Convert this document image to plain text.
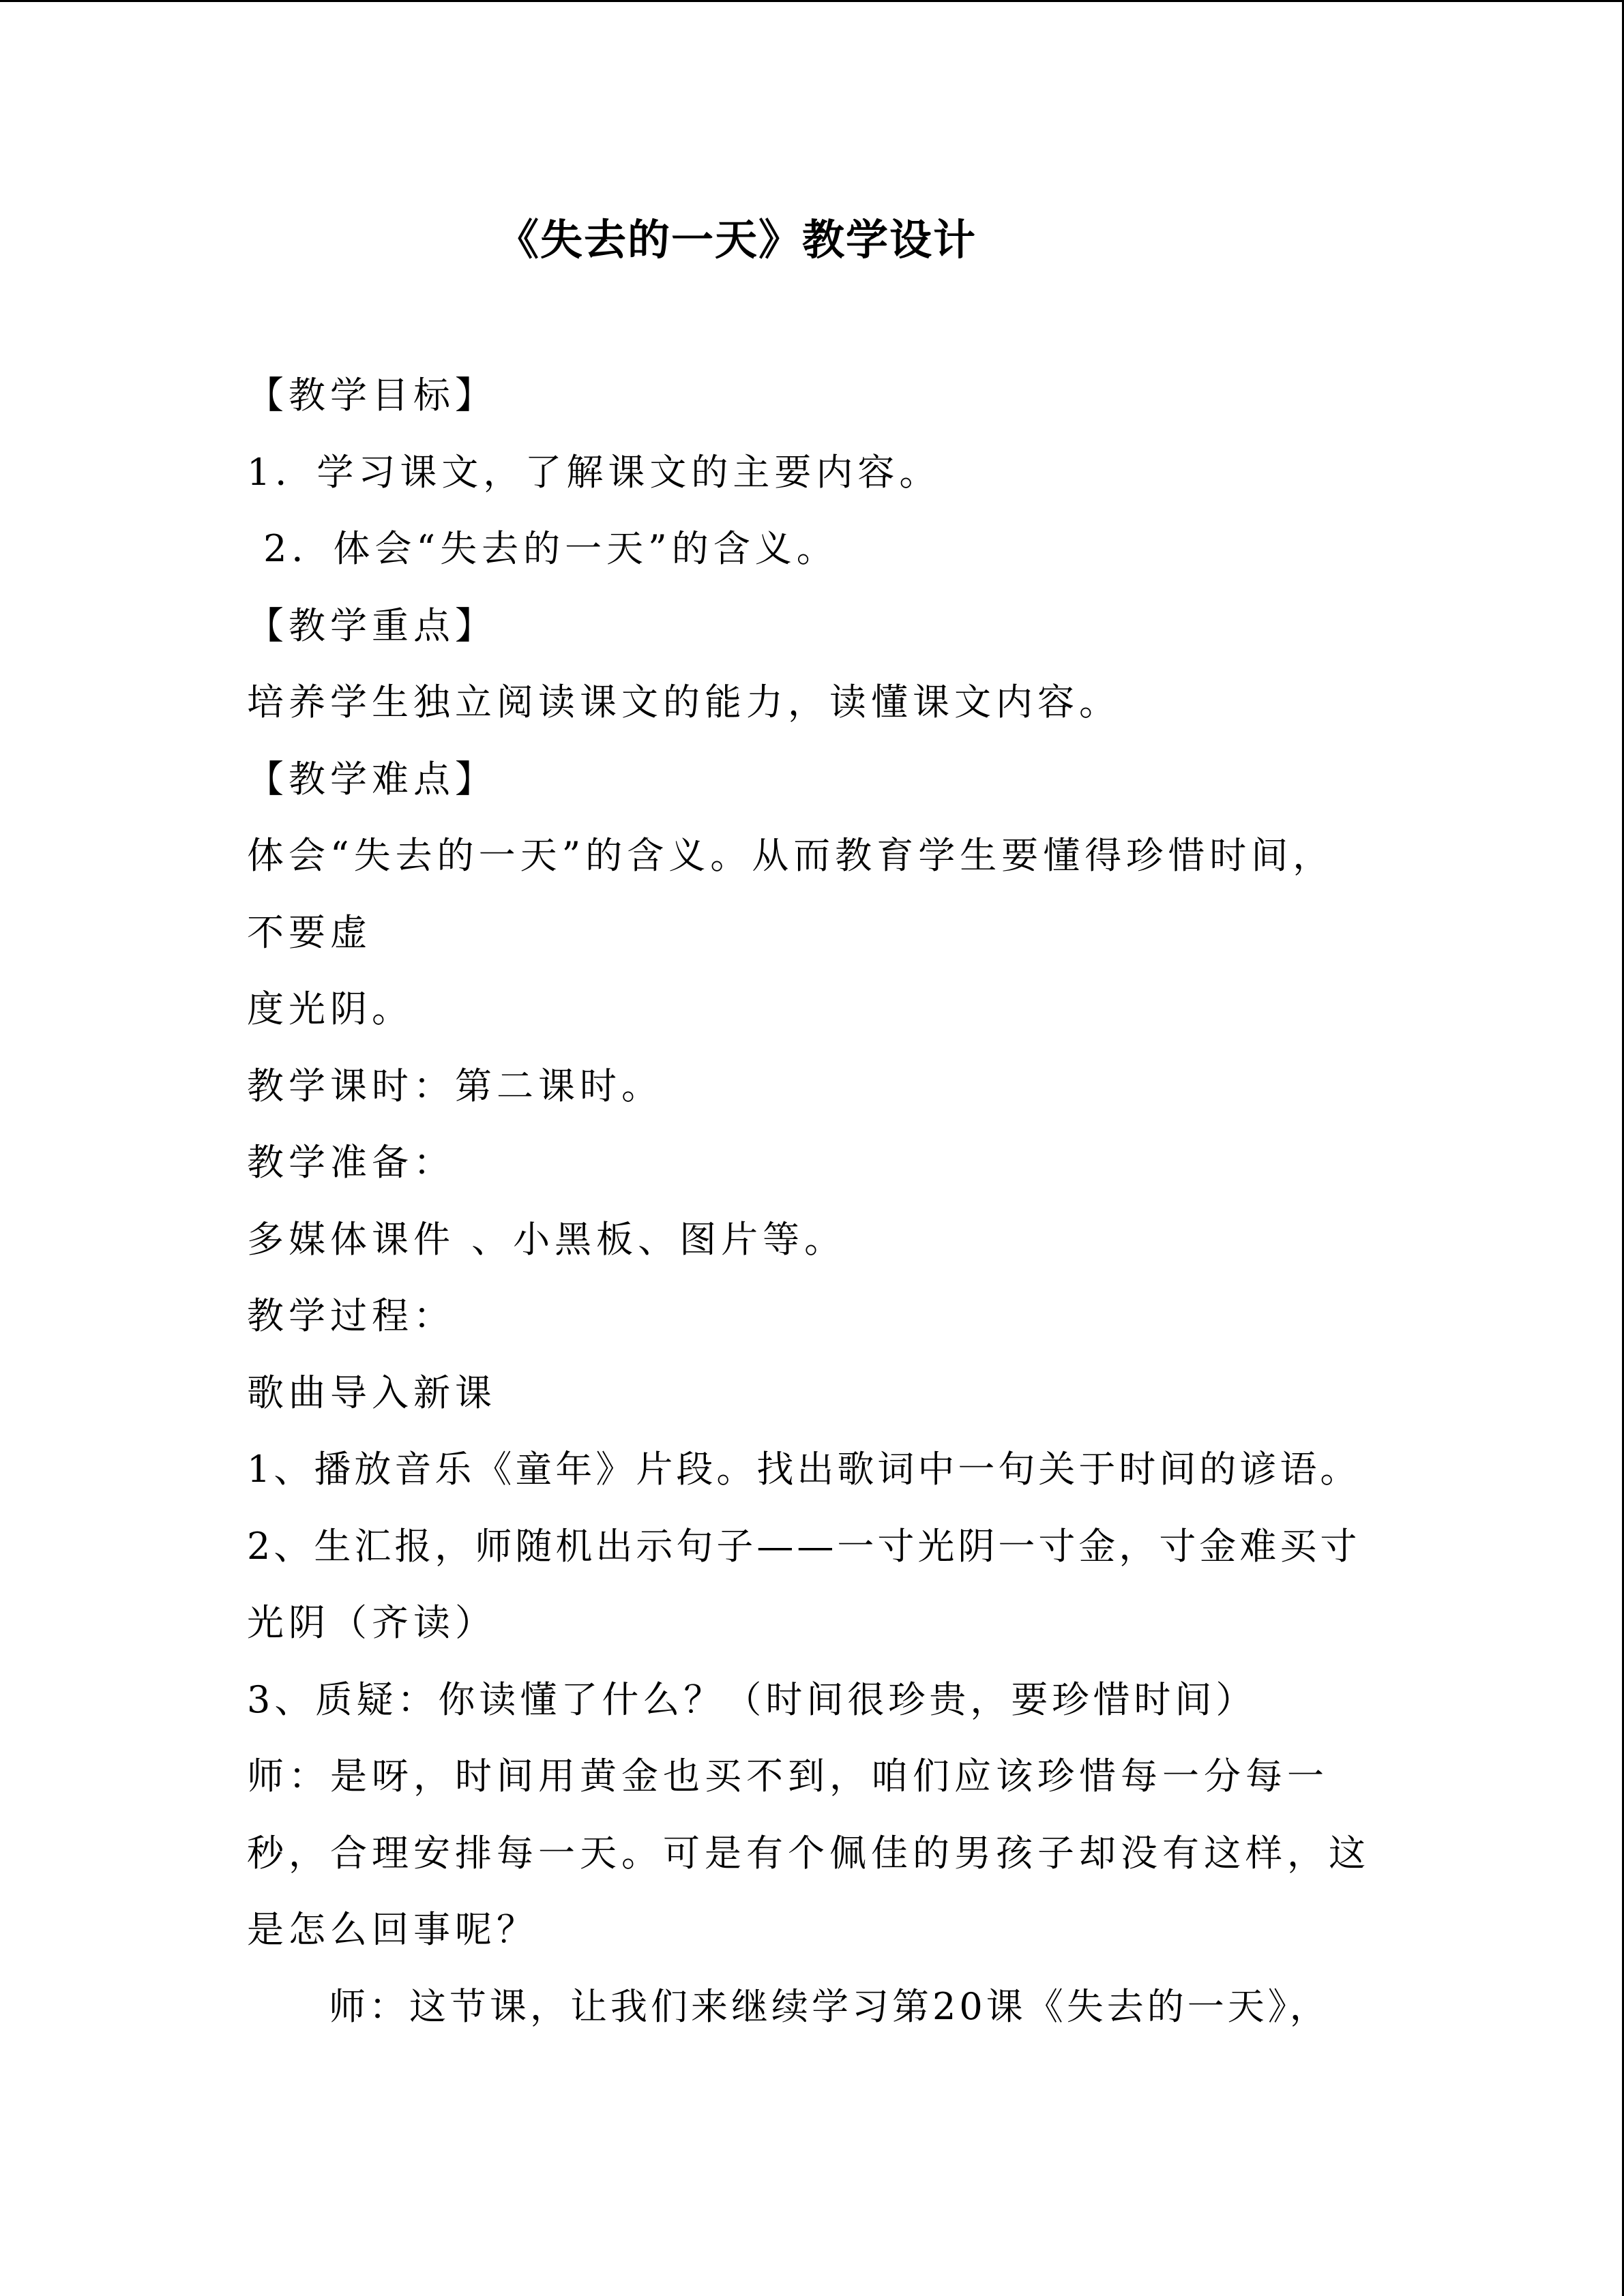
《失去的一天》教学设计
【教学目标】
1．学习课文，了解课文的主要内容。
2．体会“失去的一天”的含义。
【教学重点】
培养学生独立阅读课文的能力，读懂课文内容。
【教学难点】
体会“失去的一天”的含义。从而教育学生要懂得珍惜时间，
不要虚
度光阴。
教学课时：第二课时。
教学准备：
多媒体课件 、小黑板、图片等。
教学过程：
歌曲导入新课
1、播放音乐《童年》片段。找出歌词中一句关于时间的谚语。
2、生汇报，师随机出示句子——一寸光阴一寸金，寸金难买寸
光阴（齐读）
3、质疑：你读懂了什么？（时间很珍贵，要珍惜时间）
师：是呀，时间用黄金也买不到，咱们应该珍惜每一分每一
秒，合理安排每一天。可是有个佩佳的男孩子却没有这样，这
是怎么回事呢？
师：这节课，让我们来继续学习第20课《失去的一天》，
